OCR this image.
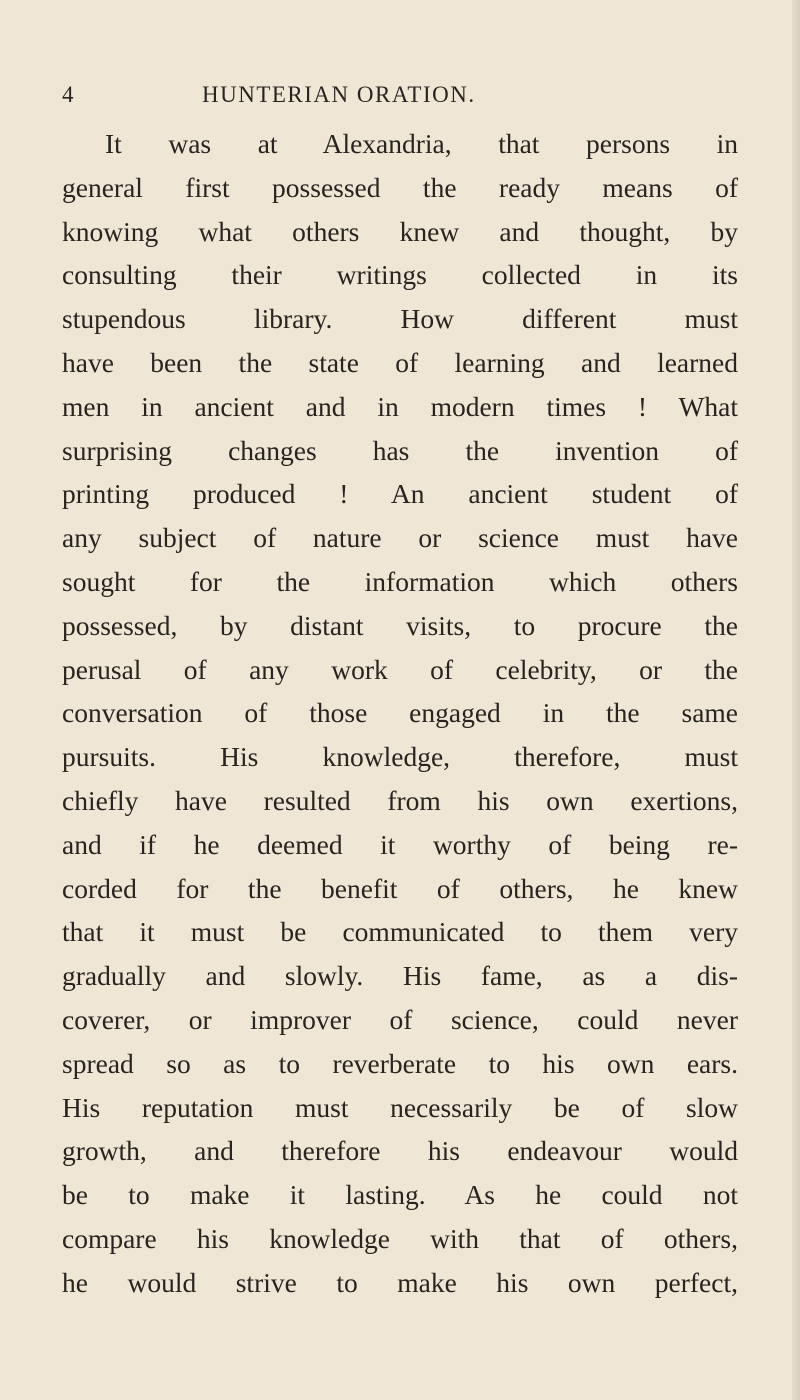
4	HUNTERIAN ORATION.
It was at Alexandria, that persons in
general first possessed the ready means of
knowing what others knew and thought, by
consulting their writings collected in its
stupendous library. How different must
have been the state of learning and learned
men in ancient and in modern times ! What
surprising changes has the invention of
printing produced ! An ancient student of
any subject of nature or science must have
sought for the information which others
possessed, by distant visits, to procure the
perusal of any work of celebrity, or the
conversation of those engaged in the same
pursuits. His knowledge, therefore, must
chiefly have resulted from his own exertions,
and if he deemed it worthy of being re-
corded for the benefit of others, he knew
that it must be communicated to them very
gradually and slowly. His fame, as a dis-
coverer, or improver of science, could never
spread so as to reverberate to his own ears.
His reputation must necessarily be of slow
growth, and therefore his endeavour would
be to make it lasting. As he could not
compare his knowledge with that of others,
he would strive to make his own perfect,
